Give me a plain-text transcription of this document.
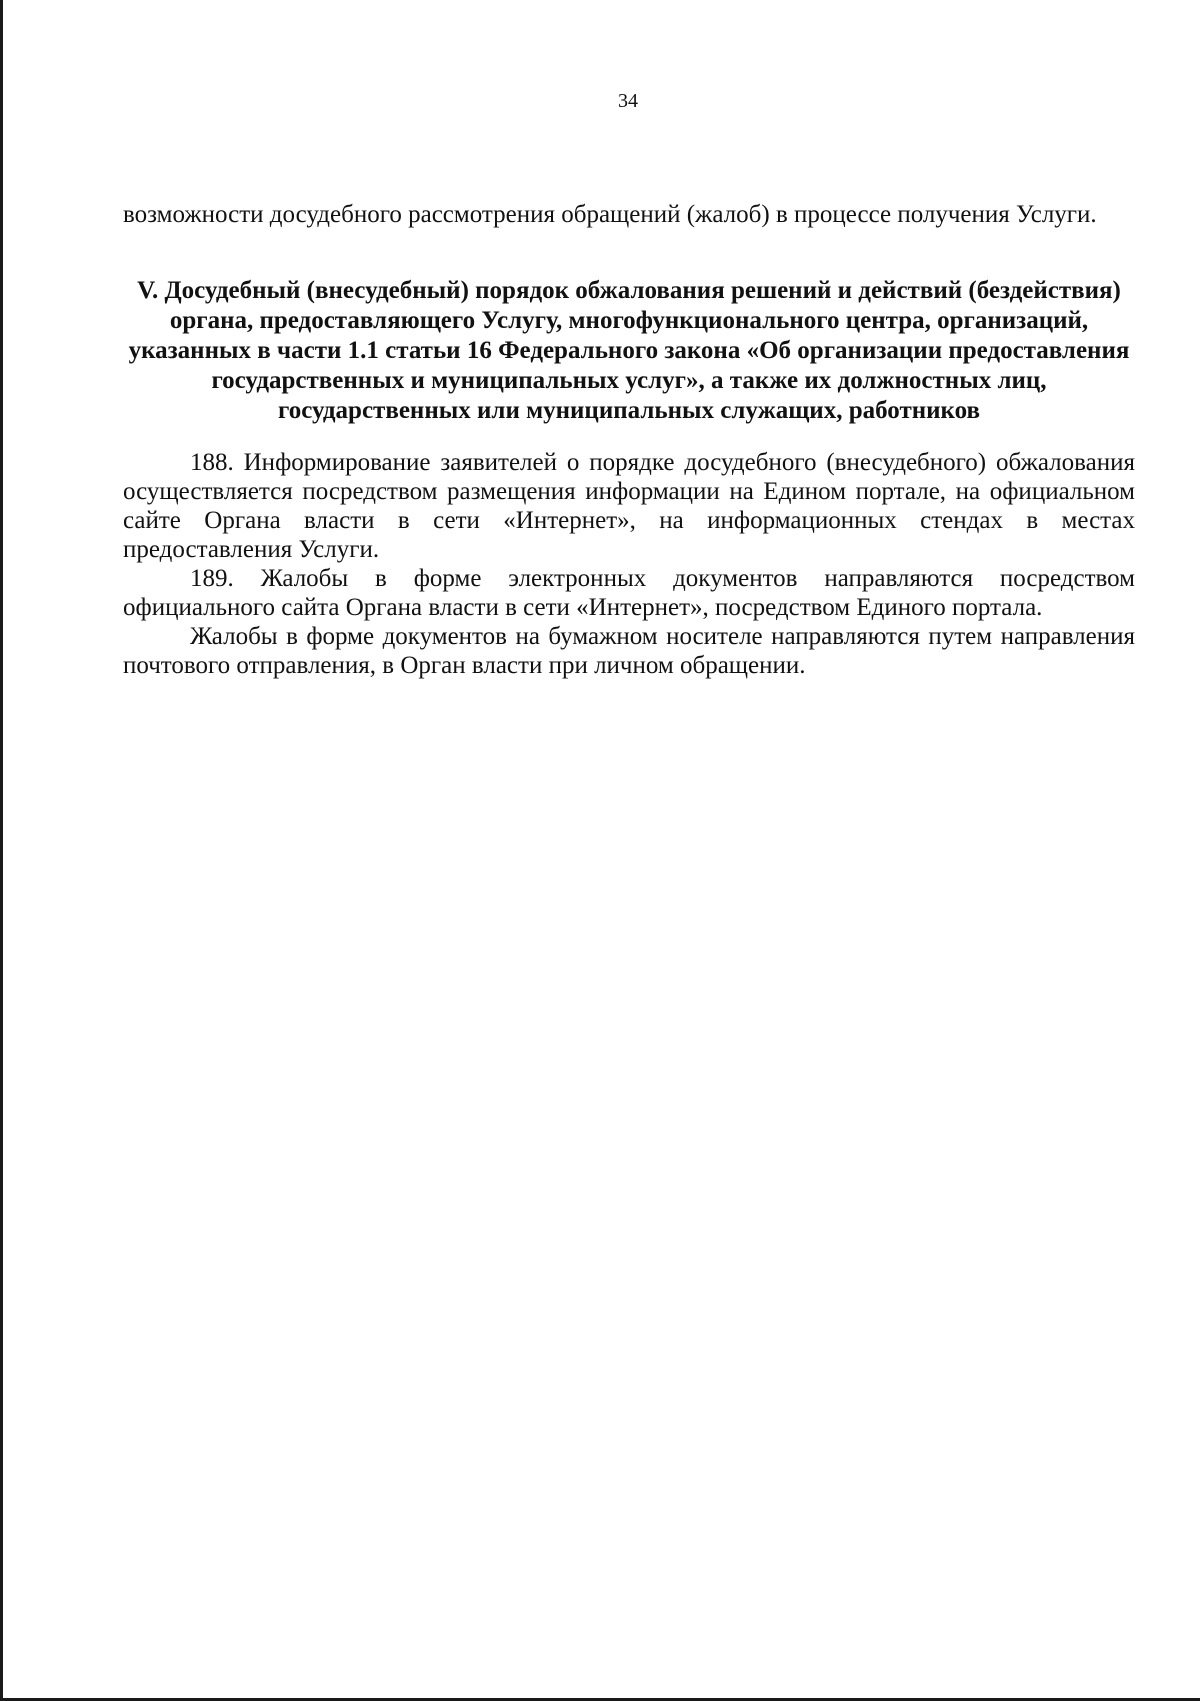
34

возможности досудебного рассмотрения обращений (жалоб) в процессе получения Услуги.

V. Досудебный (внесудебный) порядок обжалования решений и действий (бездействия) органа, предоставляющего Услугу, многофункционального центра, организаций, указанных в части 1.1 статьи 16 Федерального закона «Об организации предоставления государственных и муниципальных услуг», а также их должностных лиц, государственных или муниципальных служащих, работников

188. Информирование заявителей о порядке досудебного (внесудебного) обжалования осуществляется посредством размещения информации на Едином портале, на официальном сайте Органа власти в сети «Интернет», на информационных стендах в местах предоставления Услуги.

189. Жалобы в форме электронных документов направляются посредством официального сайта Органа власти в сети «Интернет», посредством Единого портала.

Жалобы в форме документов на бумажном носителе направляются путем направления почтового отправления, в Орган власти при личном обращении.
